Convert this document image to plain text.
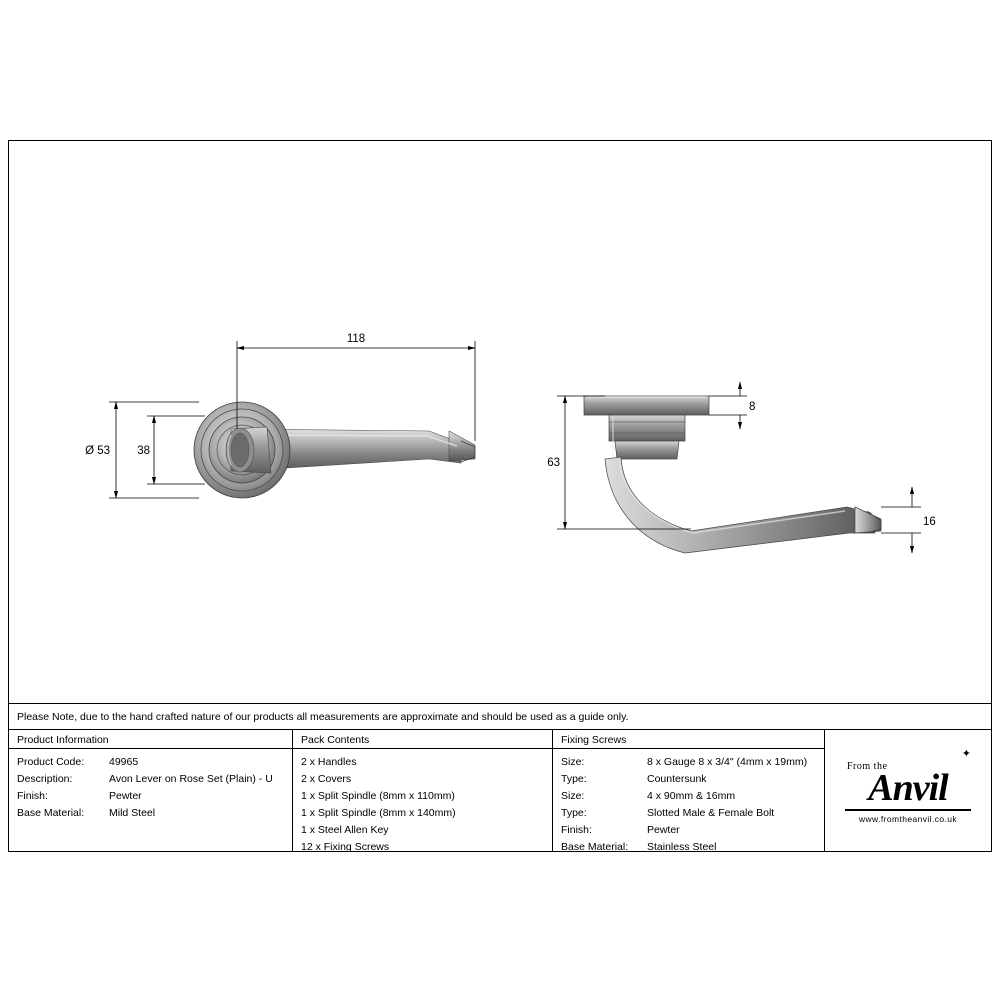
118
Ø 53 38
8
63
16
Please Note, due to the hand crafted nature of our products all measurements are approximate and should be used as a guide only.
Product Information
Product Code:	49965
Description:	Avon Lever on Rose Set (Plain) - U
Finish:	Pewter
Base Material:	Mild Steel
Pack Contents
2 x Handles
2 x Covers
1 x Split Spindle (8mm x 110mm)
1 x Split Spindle (8mm x 140mm)
1 x Steel Allen Key
12 x Fixing Screws
Fixing Screws
Size:	8 x Gauge 8 x 3/4" (4mm x 19mm)
Type:	Countersunk
Size:	4 x 90mm & 16mm
Type:	Slotted Male & Female Bolt
Finish:	Pewter
Base Material:	Stainless Steel
From the
Anvil
www.fromtheanvil.co.uk
✦
